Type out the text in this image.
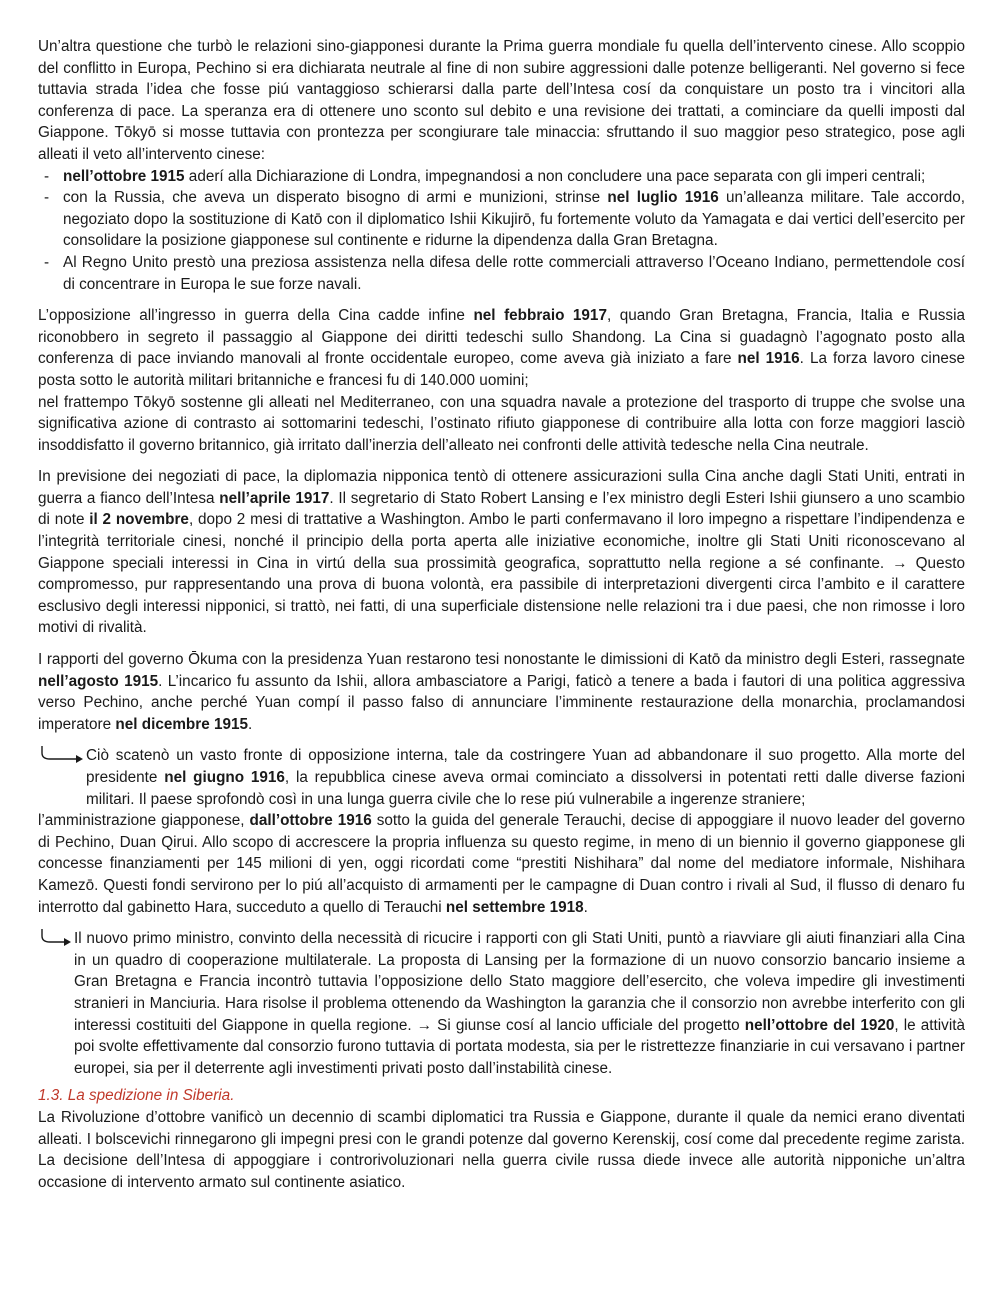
Un’altra questione che turbò le relazioni sino-giapponesi durante la Prima guerra mondiale fu quella dell’intervento cinese. Allo scoppio del conflitto in Europa, Pechino si era dichiarata neutrale al fine di non subire aggressioni dalle potenze belligeranti. Nel governo si fece tuttavia strada l’idea che fosse piú vantaggioso schierarsi dalla parte dell’Intesa cosí da conquistare un posto tra i vincitori alla conferenza di pace. La speranza era di ottenere uno sconto sul debito e una revisione dei trattati, a cominciare da quelli imposti dal Giappone. Tōkyō si mosse tuttavia con prontezza per scongiurare tale minaccia: sfruttando il suo maggior peso strategico, pose agli alleati il veto all’intervento cinese:

- nell’ottobre 1915 aderí alla Dichiarazione di Londra, impegnandosi a non concludere una pace separata con gli imperi centrali;
- con la Russia, che aveva un disperato bisogno di armi e munizioni, strinse nel luglio 1916 un’alleanza militare. Tale accordo, negoziato dopo la sostituzione di Katō con il diplomatico Ishii Kikujirō, fu fortemente voluto da Yamagata e dai vertici dell’esercito per consolidare la posizione giapponese sul continente e ridurne la dipendenza dalla Gran Bretagna.
- Al Regno Unito prestò una preziosa assistenza nella difesa delle rotte commerciali attraverso l’Oceano Indiano, permettendole cosí di concentrare in Europa le sue forze navali.

L’opposizione all’ingresso in guerra della Cina cadde infine nel febbraio 1917, quando Gran Bretagna, Francia, Italia e Russia riconobbero in segreto il passaggio al Giappone dei diritti tedeschi sullo Shandong. La Cina si guadagnò l’agognato posto alla conferenza di pace inviando manovali al fronte occidentale europeo, come aveva già iniziato a fare nel 1916. La forza lavoro cinese posta sotto le autorità militari britanniche e francesi fu di 140.000 uomini;

nel frattempo Tōkyō sostenne gli alleati nel Mediterraneo, con una squadra navale a protezione del trasporto di truppe che svolse una significativa azione di contrasto ai sottomarini tedeschi, l’ostinato rifiuto giapponese di contribuire alla lotta con forze maggiori lasciò insoddisfatto il governo britannico, già irritato dall’inerzia dell’alleato nei confronti delle attività tedesche nella Cina neutrale.

In previsione dei negoziati di pace, la diplomazia nipponica tentò di ottenere assicurazioni sulla Cina anche dagli Stati Uniti, entrati in guerra a fianco dell’Intesa nell’aprile 1917. Il segretario di Stato Robert Lansing e l’ex ministro degli Esteri Ishii giunsero a uno scambio di note il 2 novembre, dopo 2 mesi di trattative a Washington. Ambo le parti confermavano il loro impegno a rispettare l’indipendenza e l’integrità territoriale cinesi, nonché il principio della porta aperta alle iniziative economiche, inoltre gli Stati Uniti riconoscevano al Giappone speciali interessi in Cina in virtú della sua prossimità geografica, soprattutto nella regione a sé confinante. → Questo compromesso, pur rappresentando una prova di buona volontà, era passibile di interpretazioni divergenti circa l’ambito e il carattere esclusivo degli interessi nipponici, si trattò, nei fatti, di una superficiale distensione nelle relazioni tra i due paesi, che non rimosse i loro motivi di rivalità.

I rapporti del governo Ōkuma con la presidenza Yuan restarono tesi nonostante le dimissioni di Katō da ministro degli Esteri, rassegnate nell’agosto 1915. L’incarico fu assunto da Ishii, allora ambasciatore a Parigi, faticò a tenere a bada i fautori di una politica aggressiva verso Pechino, anche perché Yuan compí il passo falso di annunciare l’imminente restaurazione della monarchia, proclamandosi imperatore nel dicembre 1915.

Ciò scatenò un vasto fronte di opposizione interna, tale da costringere Yuan ad abbandonare il suo progetto. Alla morte del presidente nel giugno 1916, la repubblica cinese aveva ormai cominciato a dissolversi in potentati retti dalle diverse fazioni militari. Il paese sprofondò così in una lunga guerra civile che lo rese piú vulnerabile a ingerenze straniere;

l’amministrazione giapponese, dall’ottobre 1916 sotto la guida del generale Terauchi, decise di appoggiare il nuovo leader del governo di Pechino, Duan Qirui. Allo scopo di accrescere la propria influenza su questo regime, in meno di un biennio il governo giapponese gli concesse finanziamenti per 145 milioni di yen, oggi ricordati come “prestiti Nishihara” dal nome del mediatore informale, Nishihara Kamezō. Questi fondi servirono per lo piú all’acquisto di armamenti per le campagne di Duan contro i rivali al Sud, il flusso di denaro fu interrotto dal gabinetto Hara, succeduto a quello di Terauchi nel settembre 1918.

Il nuovo primo ministro, convinto della necessità di ricucire i rapporti con gli Stati Uniti, puntò a riavviare gli aiuti finanziari alla Cina in un quadro di cooperazione multilaterale. La proposta di Lansing per la formazione di un nuovo consorzio bancario insieme a Gran Bretagna e Francia incontrò tuttavia l’opposizione dello Stato maggiore dell’esercito, che voleva impedire gli investimenti stranieri in Manciuria. Hara risolse il problema ottenendo da Washington la garanzia che il consorzio non avrebbe interferito con gli interessi costituiti del Giappone in quella regione. → Si giunse cosí al lancio ufficiale del progetto nell’ottobre del 1920, le attività poi svolte effettivamente dal consorzio furono tuttavia di portata modesta, sia per le ristrettezze finanziarie in cui versavano i partner europei, sia per il deterrente agli investimenti privati posto dall’instabilità cinese.

1.3. La spedizione in Siberia.

La Rivoluzione d’ottobre vanificò un decennio di scambi diplomatici tra Russia e Giappone, durante il quale da nemici erano diventati alleati. I bolscevichi rinnegarono gli impegni presi con le grandi potenze dal governo Kerenskij, cosí come dal precedente regime zarista. La decisione dell’Intesa di appoggiare i controrivoluzionari nella guerra civile russa diede invece alle autorità nipponiche un’altra occasione di intervento armato sul continente asiatico.
